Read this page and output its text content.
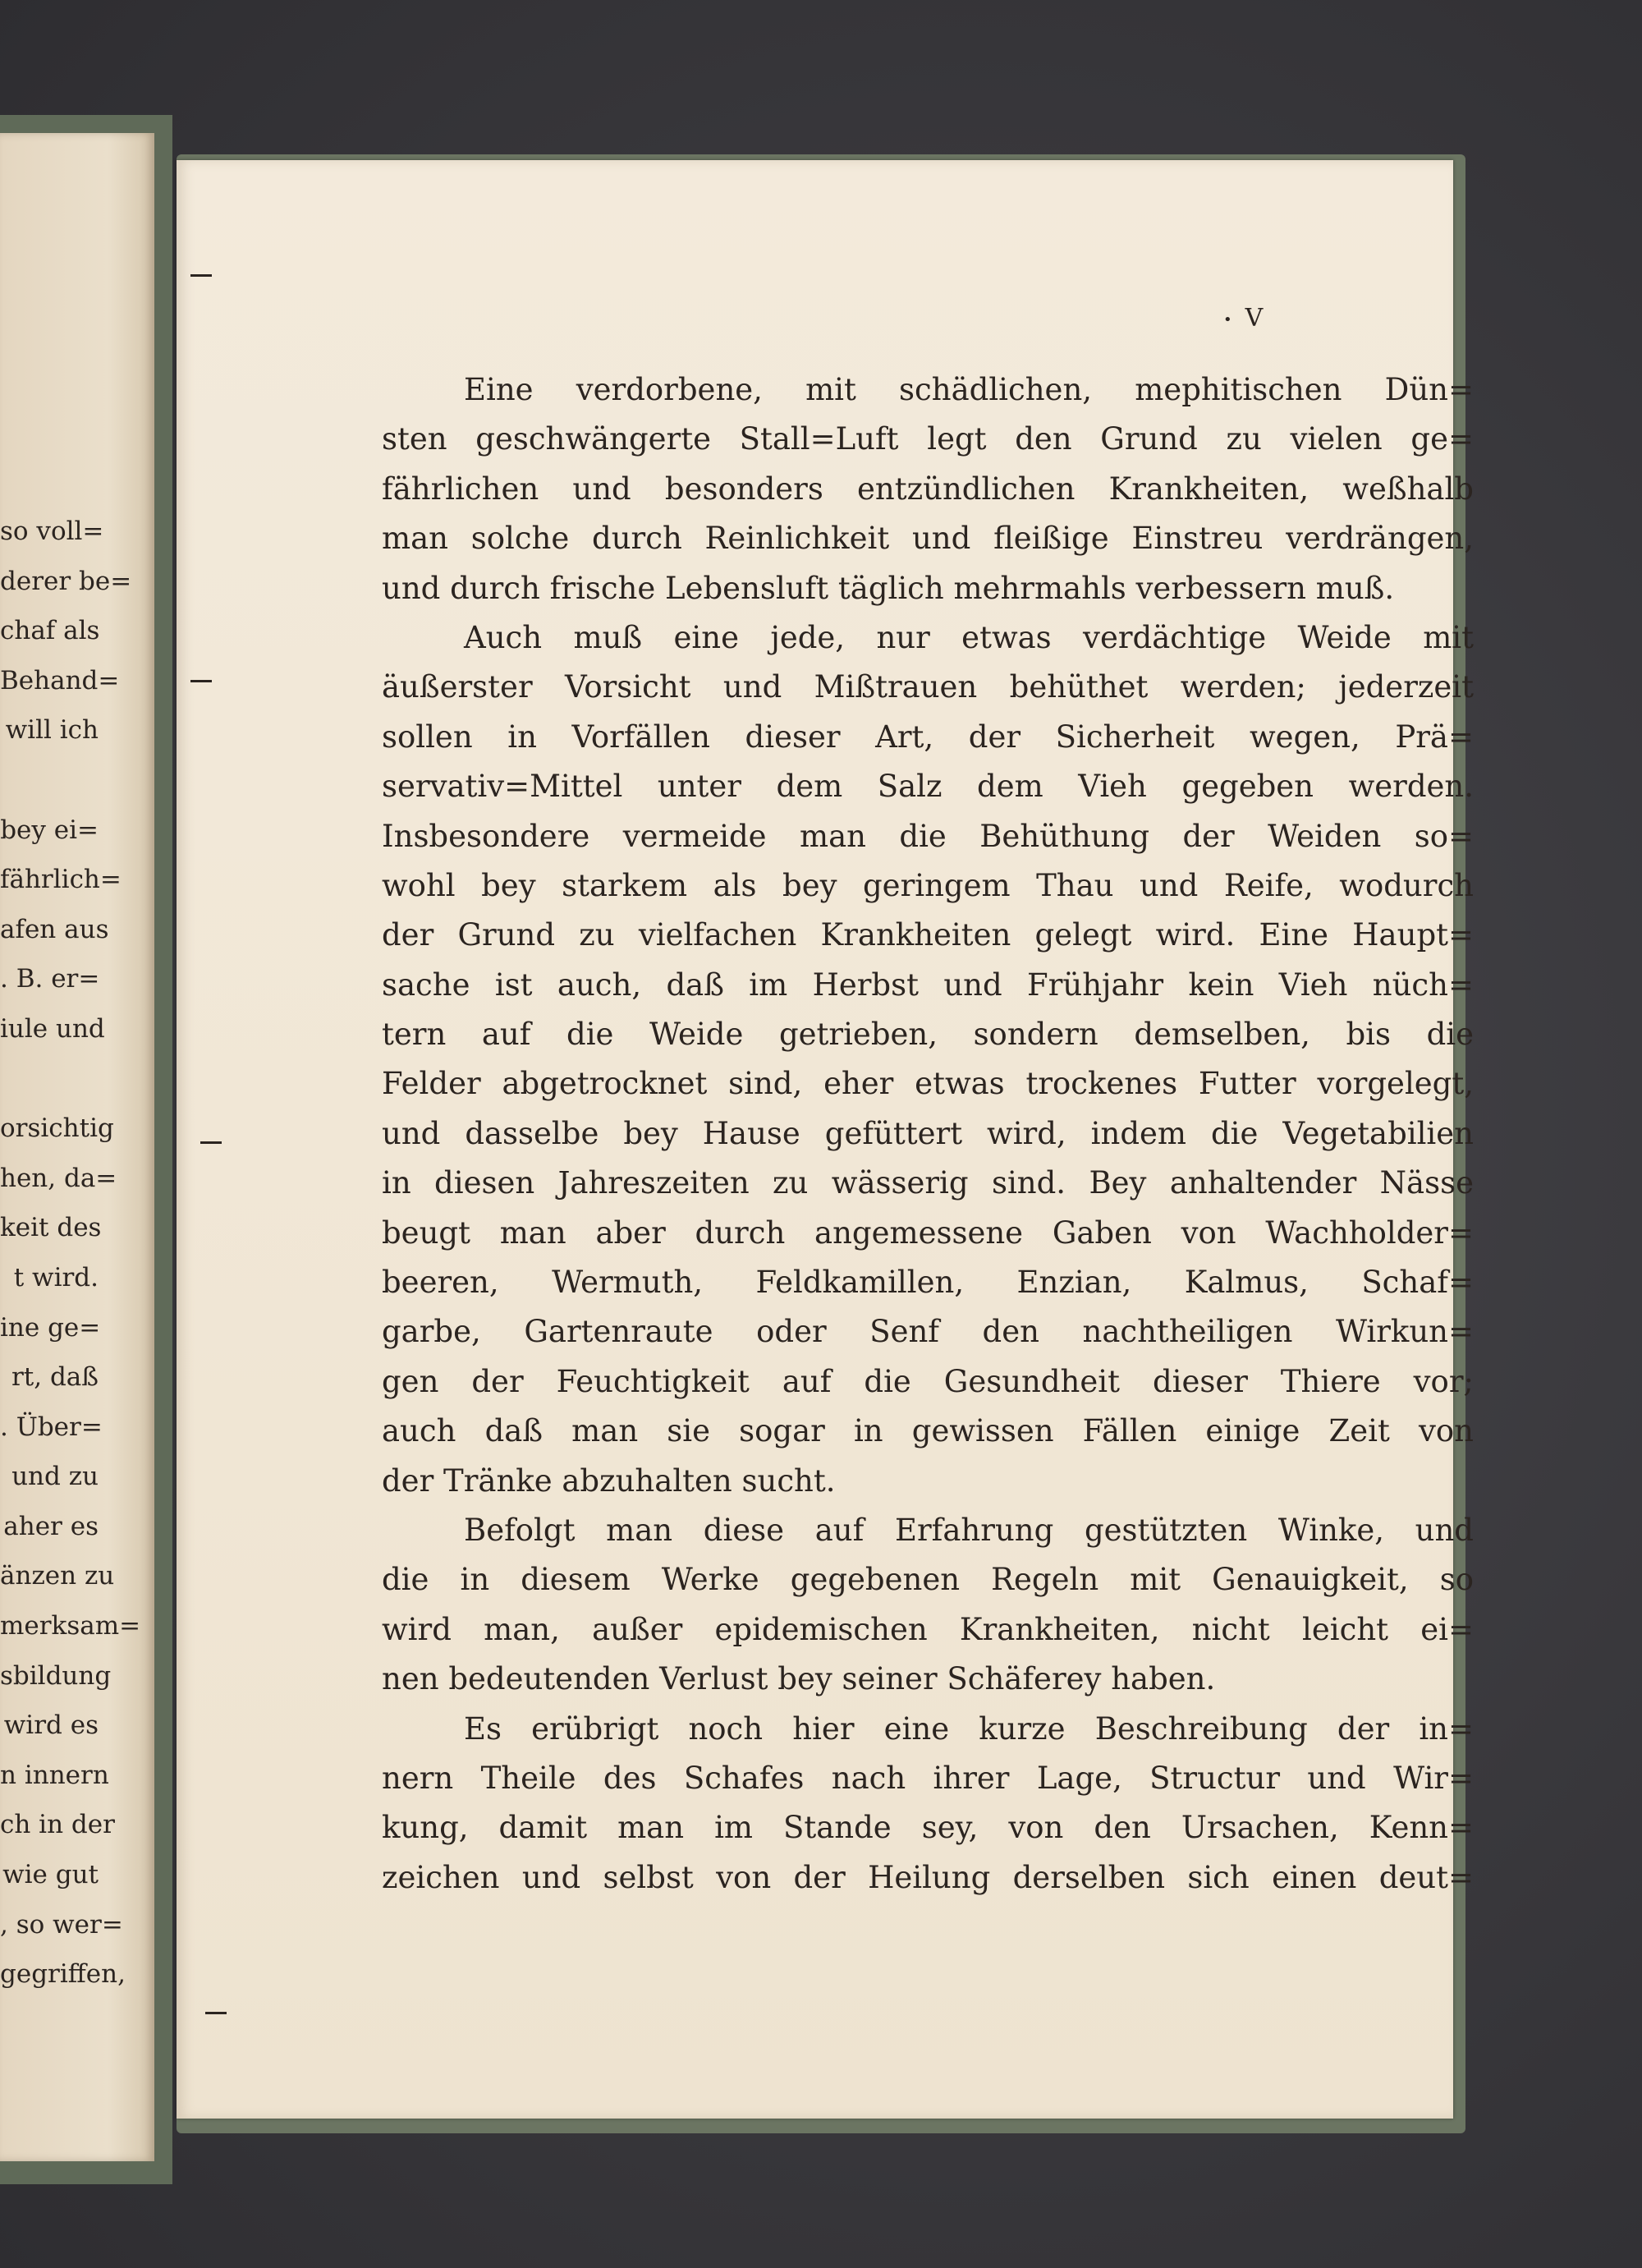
so voll=
derer be=
chaf als
Behand=
will ich
bey ei=
fährlich=
afen aus
. B. er=
iule und
orsichtig
hen, da=
keit des
t wird.
ine ge=
rt, daß
. Über=
und zu
aher es
änzen zu
merksam=
sbildung
wird es
n innern
ch in der
wie gut
, so wer=
gegriffen,
• V
Eine verdorbene, mit schädlichen, mephitischen Dün=
sten geschwängerte Stall=Luft legt den Grund zu vielen ge=
fährlichen und besonders entzündlichen Krankheiten, weßhalb
man solche durch Reinlichkeit und fleißige Einstreu verdrängen,
und durch frische Lebensluft täglich mehrmahls verbessern muß.
Auch muß eine jede, nur etwas verdächtige Weide mit
äußerster Vorsicht und Mißtrauen behüthet werden; jederzeit
sollen in Vorfällen dieser Art, der Sicherheit wegen, Prä=
servativ=Mittel unter dem Salz dem Vieh gegeben werden.
Insbesondere vermeide man die Behüthung der Weiden so=
wohl bey starkem als bey geringem Thau und Reife, wodurch
der Grund zu vielfachen Krankheiten gelegt wird. Eine Haupt=
sache ist auch, daß im Herbst und Frühjahr kein Vieh nüch=
tern auf die Weide getrieben, sondern demselben, bis die
Felder abgetrocknet sind, eher etwas trockenes Futter vorgelegt,
und dasselbe bey Hause gefüttert wird, indem die Vegetabilien
in diesen Jahreszeiten zu wässerig sind. Bey anhaltender Nässe
beugt man aber durch angemessene Gaben von Wachholder=
beeren, Wermuth, Feldkamillen, Enzian, Kalmus, Schaf=
garbe, Gartenraute oder Senf den nachtheiligen Wirkun=
gen der Feuchtigkeit auf die Gesundheit dieser Thiere vor;
auch daß man sie sogar in gewissen Fällen einige Zeit von
der Tränke abzuhalten sucht.
Befolgt man diese auf Erfahrung gestützten Winke, und
die in diesem Werke gegebenen Regeln mit Genauigkeit, so
wird man, außer epidemischen Krankheiten, nicht leicht ei=
nen bedeutenden Verlust bey seiner Schäferey haben.
Es erübrigt noch hier eine kurze Beschreibung der in=
nern Theile des Schafes nach ihrer Lage, Structur und Wir=
kung, damit man im Stande sey, von den Ursachen, Kenn=
zeichen und selbst von der Heilung derselben sich einen deut=
